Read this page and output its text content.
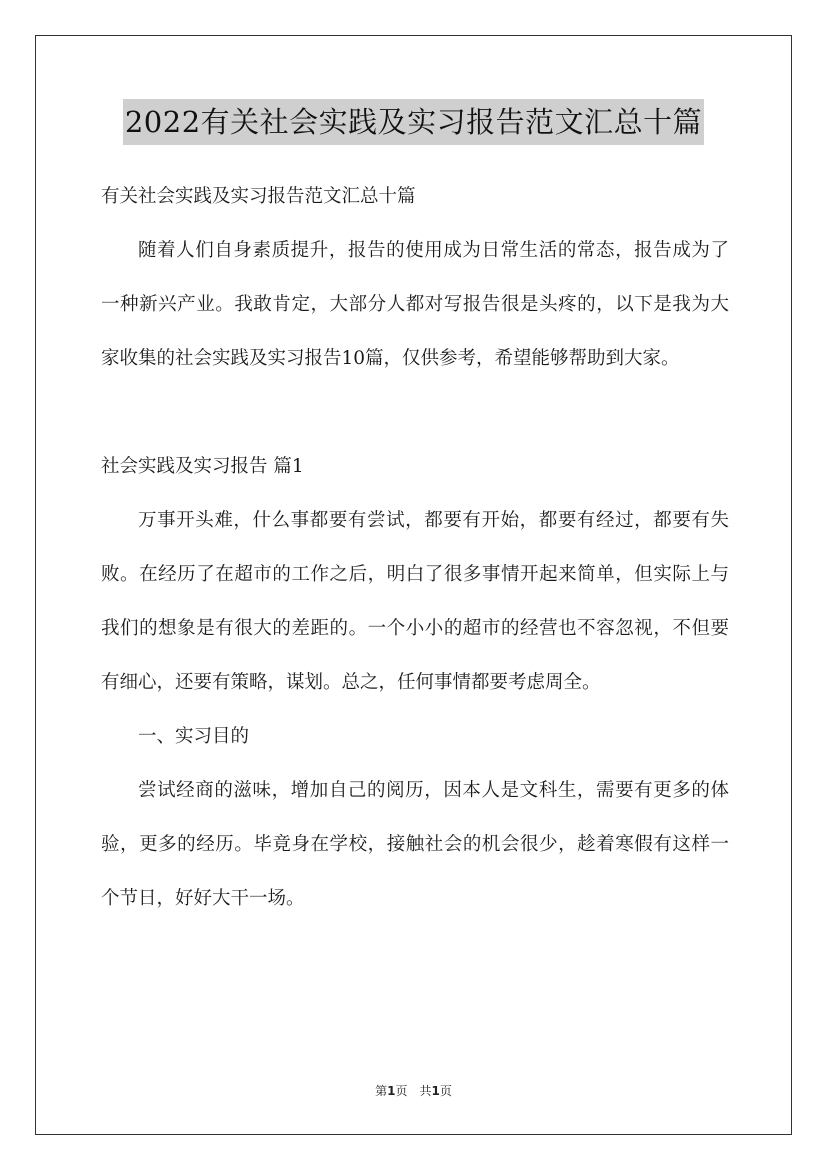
2022有关社会实践及实习报告范文汇总十篇

有关社会实践及实习报告范文汇总十篇

随着人们自身素质提升，报告的使用成为日常生活的常态，报告成为了一种新兴产业。我敢肯定，大部分人都对写报告很是头疼的，以下是我为大家收集的社会实践及实习报告10篇，仅供参考，希望能够帮助到大家。

社会实践及实习报告 篇1

万事开头难，什么事都要有尝试，都要有开始，都要有经过，都要有失败。在经历了在超市的工作之后，明白了很多事情开起来简单，但实际上与我们的想象是有很大的差距的。一个小小的超市的经营也不容忽视，不但要有细心，还要有策略，谋划。总之，任何事情都要考虑周全。

一、实习目的

尝试经商的滋味，增加自己的阅历，因本人是文科生，需要有更多的体验，更多的经历。毕竟身在学校，接触社会的机会很少，趁着寒假有这样一个节日，好好大干一场。

第1页　共1页
